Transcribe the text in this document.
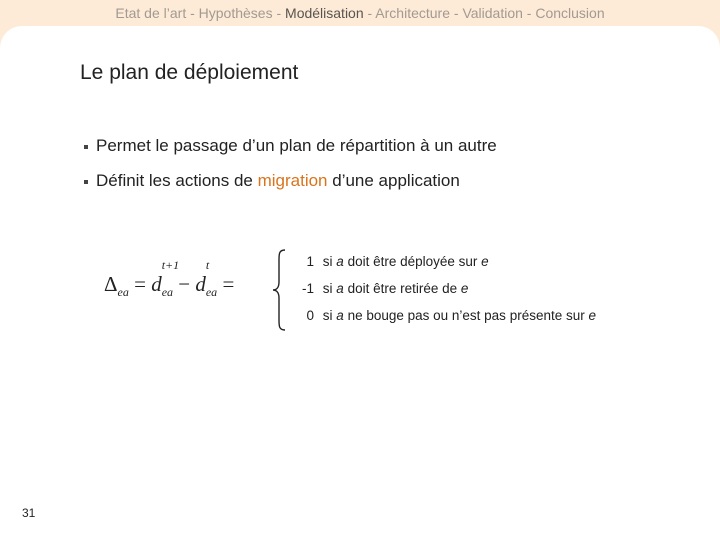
Etat de l’art - Hypothèses - Modélisation - Architecture - Validation - Conclusion
Le plan de déploiement
Permet le passage d’un plan de répartition à un autre
Définit les actions de migration d’une application
$\Delta_{ea} = d$
t+1
$_{ea}$ − d
t
$_{ea}$ =
1 si a doit être déployée sur e
-1 si a doit être retirée de e
0 si a ne bouge pas ou n’est pas présente sur e
31
